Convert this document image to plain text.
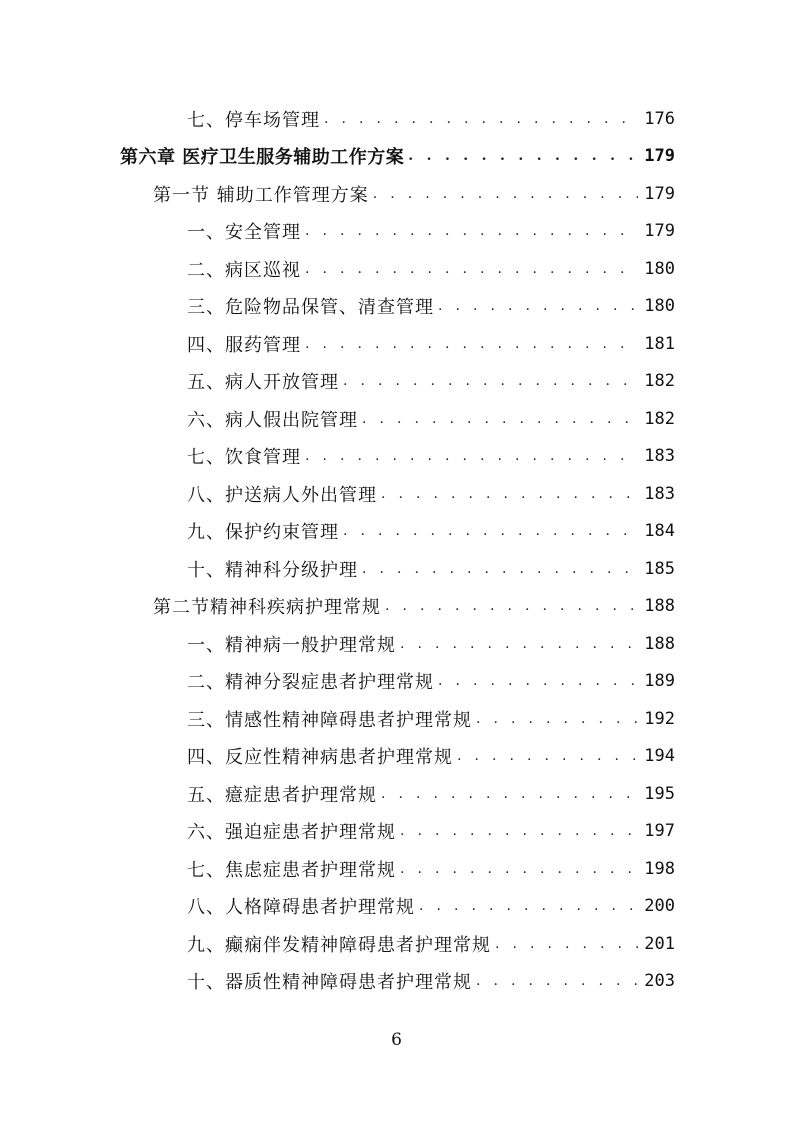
七、停车场管理 . . .	176
第六章 医疗卫生服务辅助工作方案 . . .	179
第一节 辅助工作管理方案 . . .	179
一、安全管理 . . .	179
二、病区巡视 . . .	180
三、危险物品保管、清查管理 . . .	180
四、服药管理 . . .	181
五、病人开放管理 . . .	182
六、病人假出院管理 . . .	182
七、饮食管理 . . .	183
八、护送病人外出管理 . . .	183
九、保护约束管理 . . .	184
十、精神科分级护理 . . .	185
第二节精神科疾病护理常规 . . .	188
一、精神病一般护理常规 . . .	188
二、精神分裂症患者护理常规 . . .	189
三、情感性精神障碍患者护理常规 . . .	192
四、反应性精神病患者护理常规 . . .	194
五、癔症患者护理常规 . . .	195
六、强迫症患者护理常规 . . .	197
七、焦虑症患者护理常规 . . .	198
八、人格障碍患者护理常规 . . .	200
九、癫痫伴发精神障碍患者护理常规 . . .	201
十、器质性精神障碍患者护理常规 . . .	203
6
